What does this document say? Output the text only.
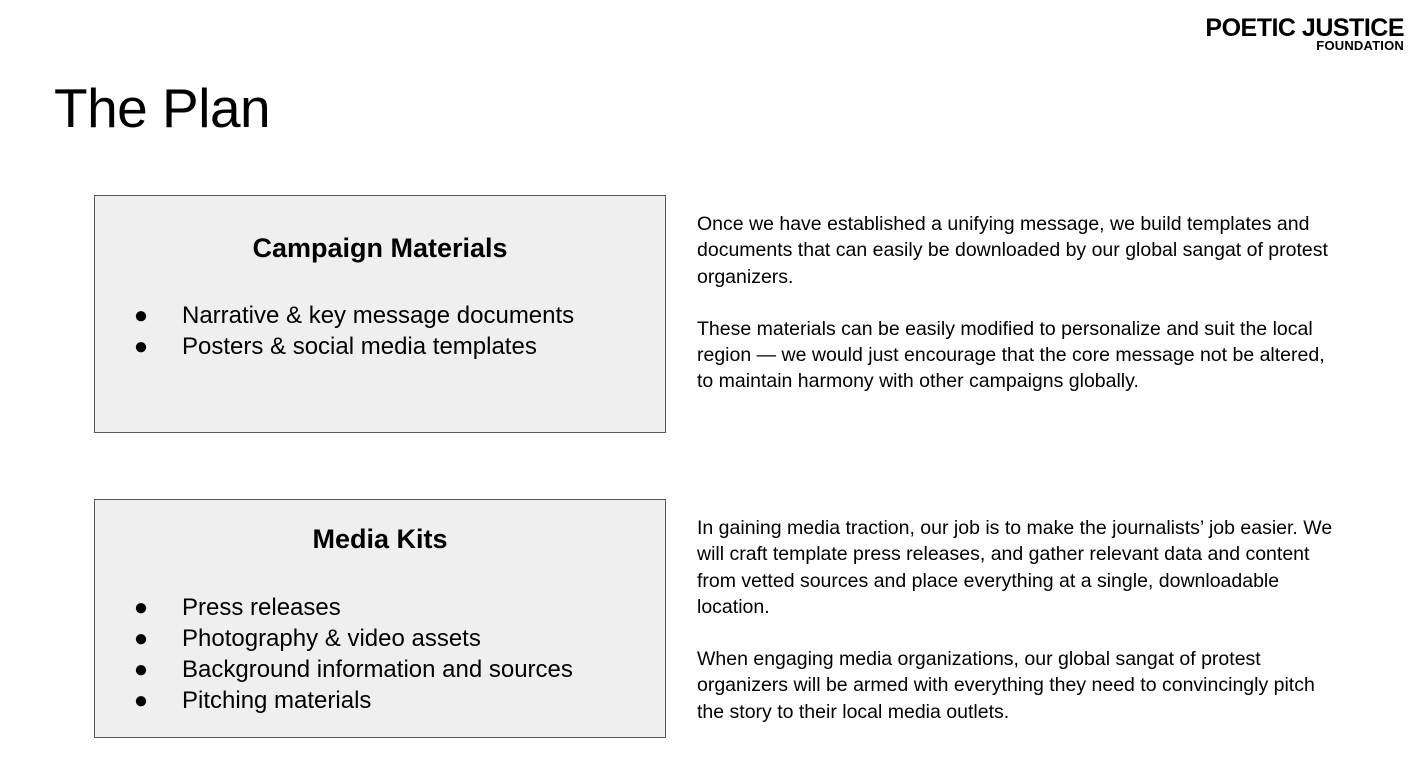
POETIC JUSTICE
FOUNDATION
The Plan
Campaign Materials
● Narrative & key message documents
● Posters & social media templates

Once we have established a unifying message, we build templates and documents that can easily be downloaded by our global sangat of protest organizers.

These materials can be easily modified to personalize and suit the local region — we would just encourage that the core message not be altered, to maintain harmony with other campaigns globally.

Media Kits
● Press releases
● Photography & video assets
● Background information and sources
● Pitching materials

In gaining media traction, our job is to make the journalists’ job easier. We will craft template press releases, and gather relevant data and content from vetted sources and place everything at a single, downloadable location.

When engaging media organizations, our global sangat of protest organizers will be armed with everything they need to convincingly pitch the story to their local media outlets.
